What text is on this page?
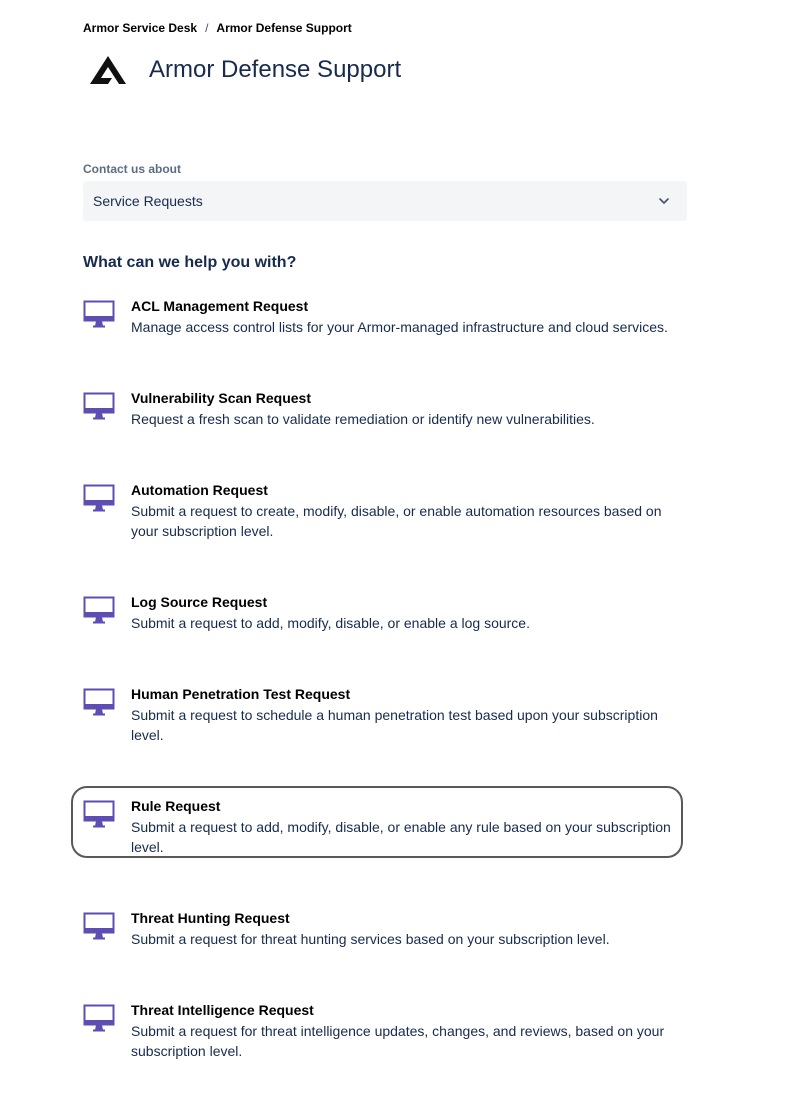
Armor Service Desk / Armor Defense Support
Armor Defense Support
Contact us about
Service Requests
What can we help you with?
ACL Management Request
Manage access control lists for your Armor-managed infrastructure and cloud services.
Vulnerability Scan Request
Request a fresh scan to validate remediation or identify new vulnerabilities.
Automation Request
Submit a request to create, modify, disable, or enable automation resources based on your subscription level.
Log Source Request
Submit a request to add, modify, disable, or enable a log source.
Human Penetration Test Request
Submit a request to schedule a human penetration test based upon your subscription level.
Rule Request
Submit a request to add, modify, disable, or enable any rule based on your subscription level.
Threat Hunting Request
Submit a request for threat hunting services based on your subscription level.
Threat Intelligence Request
Submit a request for threat intelligence updates, changes, and reviews, based on your subscription level.
